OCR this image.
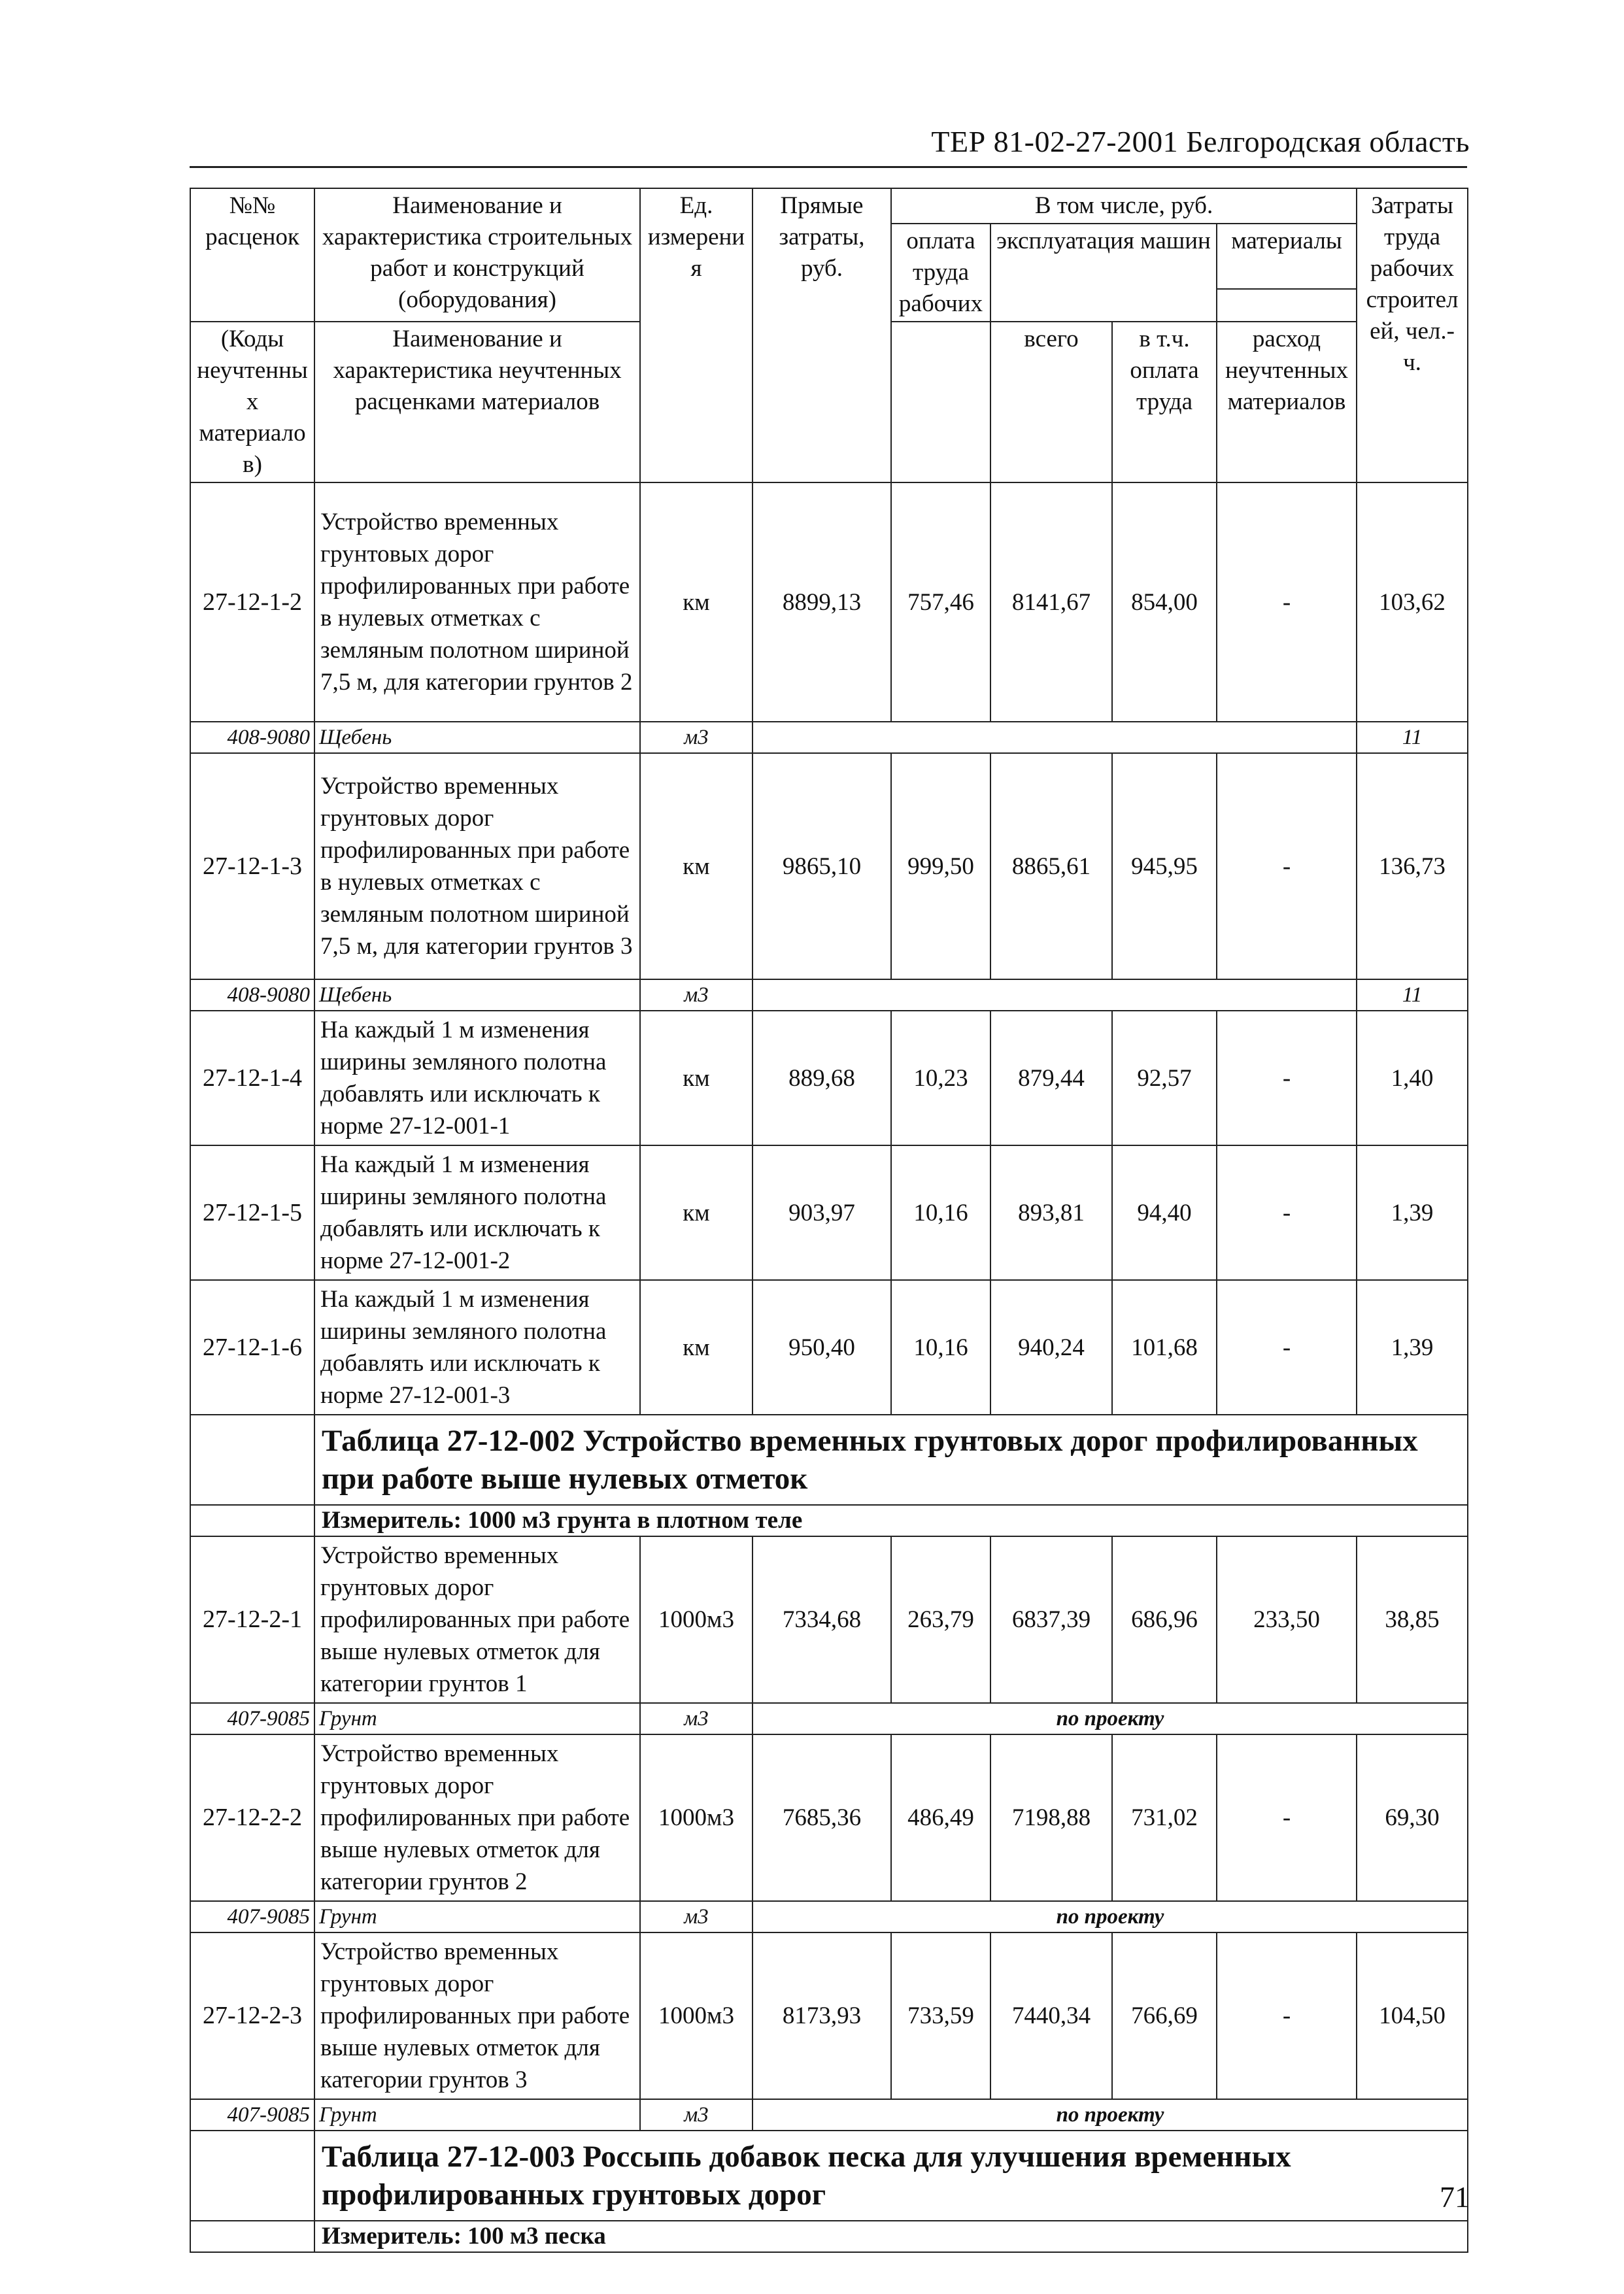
ТЕР 81-02-27-2001 Белгородская область
№№ расценок	Наименование и характеристика строительных работ и конструкций (оборудования)	Ед. измерения	Прямые затраты, руб.	В том числе, руб.				Затраты труда рабочих строителей, чел.-ч.
				оплата труда рабочих	эксплуатация машин		материалы	

(Коды неучтенных материалов)	Наименование и характеристика неучтенных расценками материалов				всего	в т.ч. оплата труда	расход неучтенных материалов	

27-12-1-2	Устройство временных грунтовых дорог профилированных при работе в нулевых отметках с земляным полотном шириной 7,5 м, для категории грунтов 2	км	8899,13	757,46	8141,67	854,00	-	103,62
408-9080	Щебень	м3						11
27-12-1-3	Устройство временных грунтовых дорог профилированных при работе в нулевых отметках с земляным полотном шириной 7,5 м, для категории грунтов 3	км	9865,10	999,50	8865,61	945,95	-	136,73
408-9080	Щебень	м3						11
27-12-1-4	На каждый 1 м изменения ширины земляного полотна добавлять или исключать к норме 27-12-001-1	км	889,68	10,23	879,44	92,57	-	1,40
27-12-1-5	На каждый 1 м изменения ширины земляного полотна добавлять или исключать к норме 27-12-001-2	км	903,97	10,16	893,81	94,40	-	1,39
27-12-1-6	На каждый 1 м изменения ширины земляного полотна добавлять или исключать к норме 27-12-001-3	км	950,40	10,16	940,24	101,68	-	1,39
	Таблица 27-12-002 Устройство временных грунтовых дорог профилированных при работе выше нулевых отметок							
	Измеритель: 1000 м3 грунта в плотном теле							
27-12-2-1	Устройство временных грунтовых дорог профилированных при работе выше нулевых отметок для категории грунтов 1	1000м3	7334,68	263,79	6837,39	686,96	233,50	38,85
407-9085	Грунт	м3	по проекту					
27-12-2-2	Устройство временных грунтовых дорог профилированных при работе выше нулевых отметок для категории грунтов 2	1000м3	7685,36	486,49	7198,88	731,02	-	69,30
407-9085	Грунт	м3	по проекту					
27-12-2-3	Устройство временных грунтовых дорог профилированных при работе выше нулевых отметок для категории грунтов 3	1000м3	8173,93	733,59	7440,34	766,69	-	104,50
407-9085	Грунт	м3	по проекту					
	Таблица 27-12-003 Россыпь добавок песка для улучшения временных профилированных грунтовых дорог							
	Измеритель: 100 м3 песка							
71
